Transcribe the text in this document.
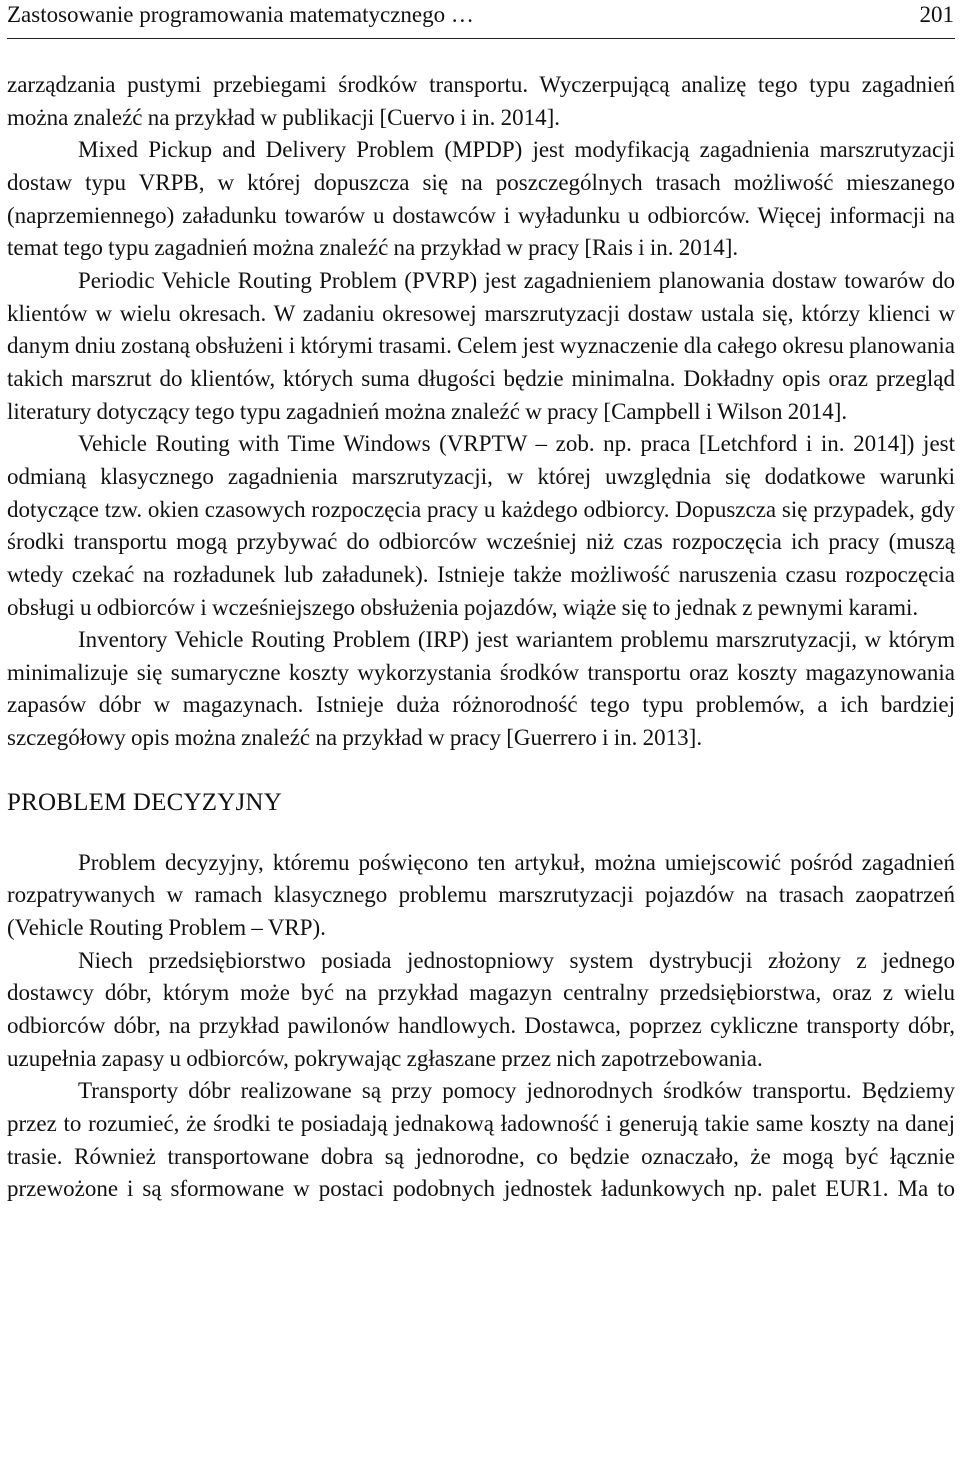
Zastosowanie programowania matematycznego …	201

zarządzania pustymi przebiegami środków transportu. Wyczerpującą analizę tego typu zagadnień można znaleźć na przykład w publikacji [Cuervo i in. 2014].

Mixed Pickup and Delivery Problem (MPDP) jest modyfikacją zagadnienia marszrutyzacji dostaw typu VRPB, w której dopuszcza się na poszczególnych trasach możliwość mieszanego (naprzemiennego) załadunku towarów u dostawców i wyładunku u odbiorców. Więcej informacji na temat tego typu zagadnień można znaleźć na przykład w pracy [Rais i in. 2014].

Periodic Vehicle Routing Problem (PVRP) jest zagadnieniem planowania dostaw towarów do klientów w wielu okresach. W zadaniu okresowej marszrutyzacji dostaw ustala się, którzy klienci w danym dniu zostaną obsłużeni i którymi trasami. Celem jest wyznaczenie dla całego okresu planowania takich marszrut do klientów, których suma długości będzie minimalna. Dokładny opis oraz przegląd literatury dotyczący tego typu zagadnień można znaleźć w pracy [Campbell i Wilson 2014].

Vehicle Routing with Time Windows (VRPTW – zob. np. praca [Letchford i in. 2014]) jest odmianą klasycznego zagadnienia marszrutyzacji, w której uwzględnia się dodatkowe warunki dotyczące tzw. okien czasowych rozpoczęcia pracy u każdego odbiorcy. Dopuszcza się przypadek, gdy środki transportu mogą przybywać do odbiorców wcześniej niż czas rozpoczęcia ich pracy (muszą wtedy czekać na rozładunek lub załadunek). Istnieje także możliwość naruszenia czasu rozpoczęcia obsługi u odbiorców i wcześniejszego obsłużenia pojazdów, wiąże się to jednak z pewnymi karami.

Inventory Vehicle Routing Problem (IRP) jest wariantem problemu marszrutyzacji, w którym minimalizuje się sumaryczne koszty wykorzystania środków transportu oraz koszty magazynowania zapasów dóbr w magazynach. Istnieje duża różnorodność tego typu problemów, a ich bardziej szczegółowy opis można znaleźć na przykład w pracy [Guerrero i in. 2013].

PROBLEM DECYZYJNY

Problem decyzyjny, któremu poświęcono ten artykuł, można umiejscowić pośród zagadnień rozpatrywanych w ramach klasycznego problemu marszrutyzacji pojazdów na trasach zaopatrzeń (Vehicle Routing Problem – VRP).

Niech przedsiębiorstwo posiada jednostopniowy system dystrybucji złożony z jednego dostawcy dóbr, którym może być na przykład magazyn centralny przedsiębiorstwa, oraz z wielu odbiorców dóbr, na przykład pawilonów handlowych. Dostawca, poprzez cykliczne transporty dóbr, uzupełnia zapasy u odbiorców, pokrywając zgłaszane przez nich zapotrzebowania.

Transporty dóbr realizowane są przy pomocy jednorodnych środków transportu. Będziemy przez to rozumieć, że środki te posiadają jednakową ładowność i generują takie same koszty na danej trasie. Również transportowane dobra są jednorodne, co będzie oznaczało, że mogą być łącznie przewożone i są sformowane w postaci podobnych jednostek ładunkowych np. palet EUR1. Ma to
